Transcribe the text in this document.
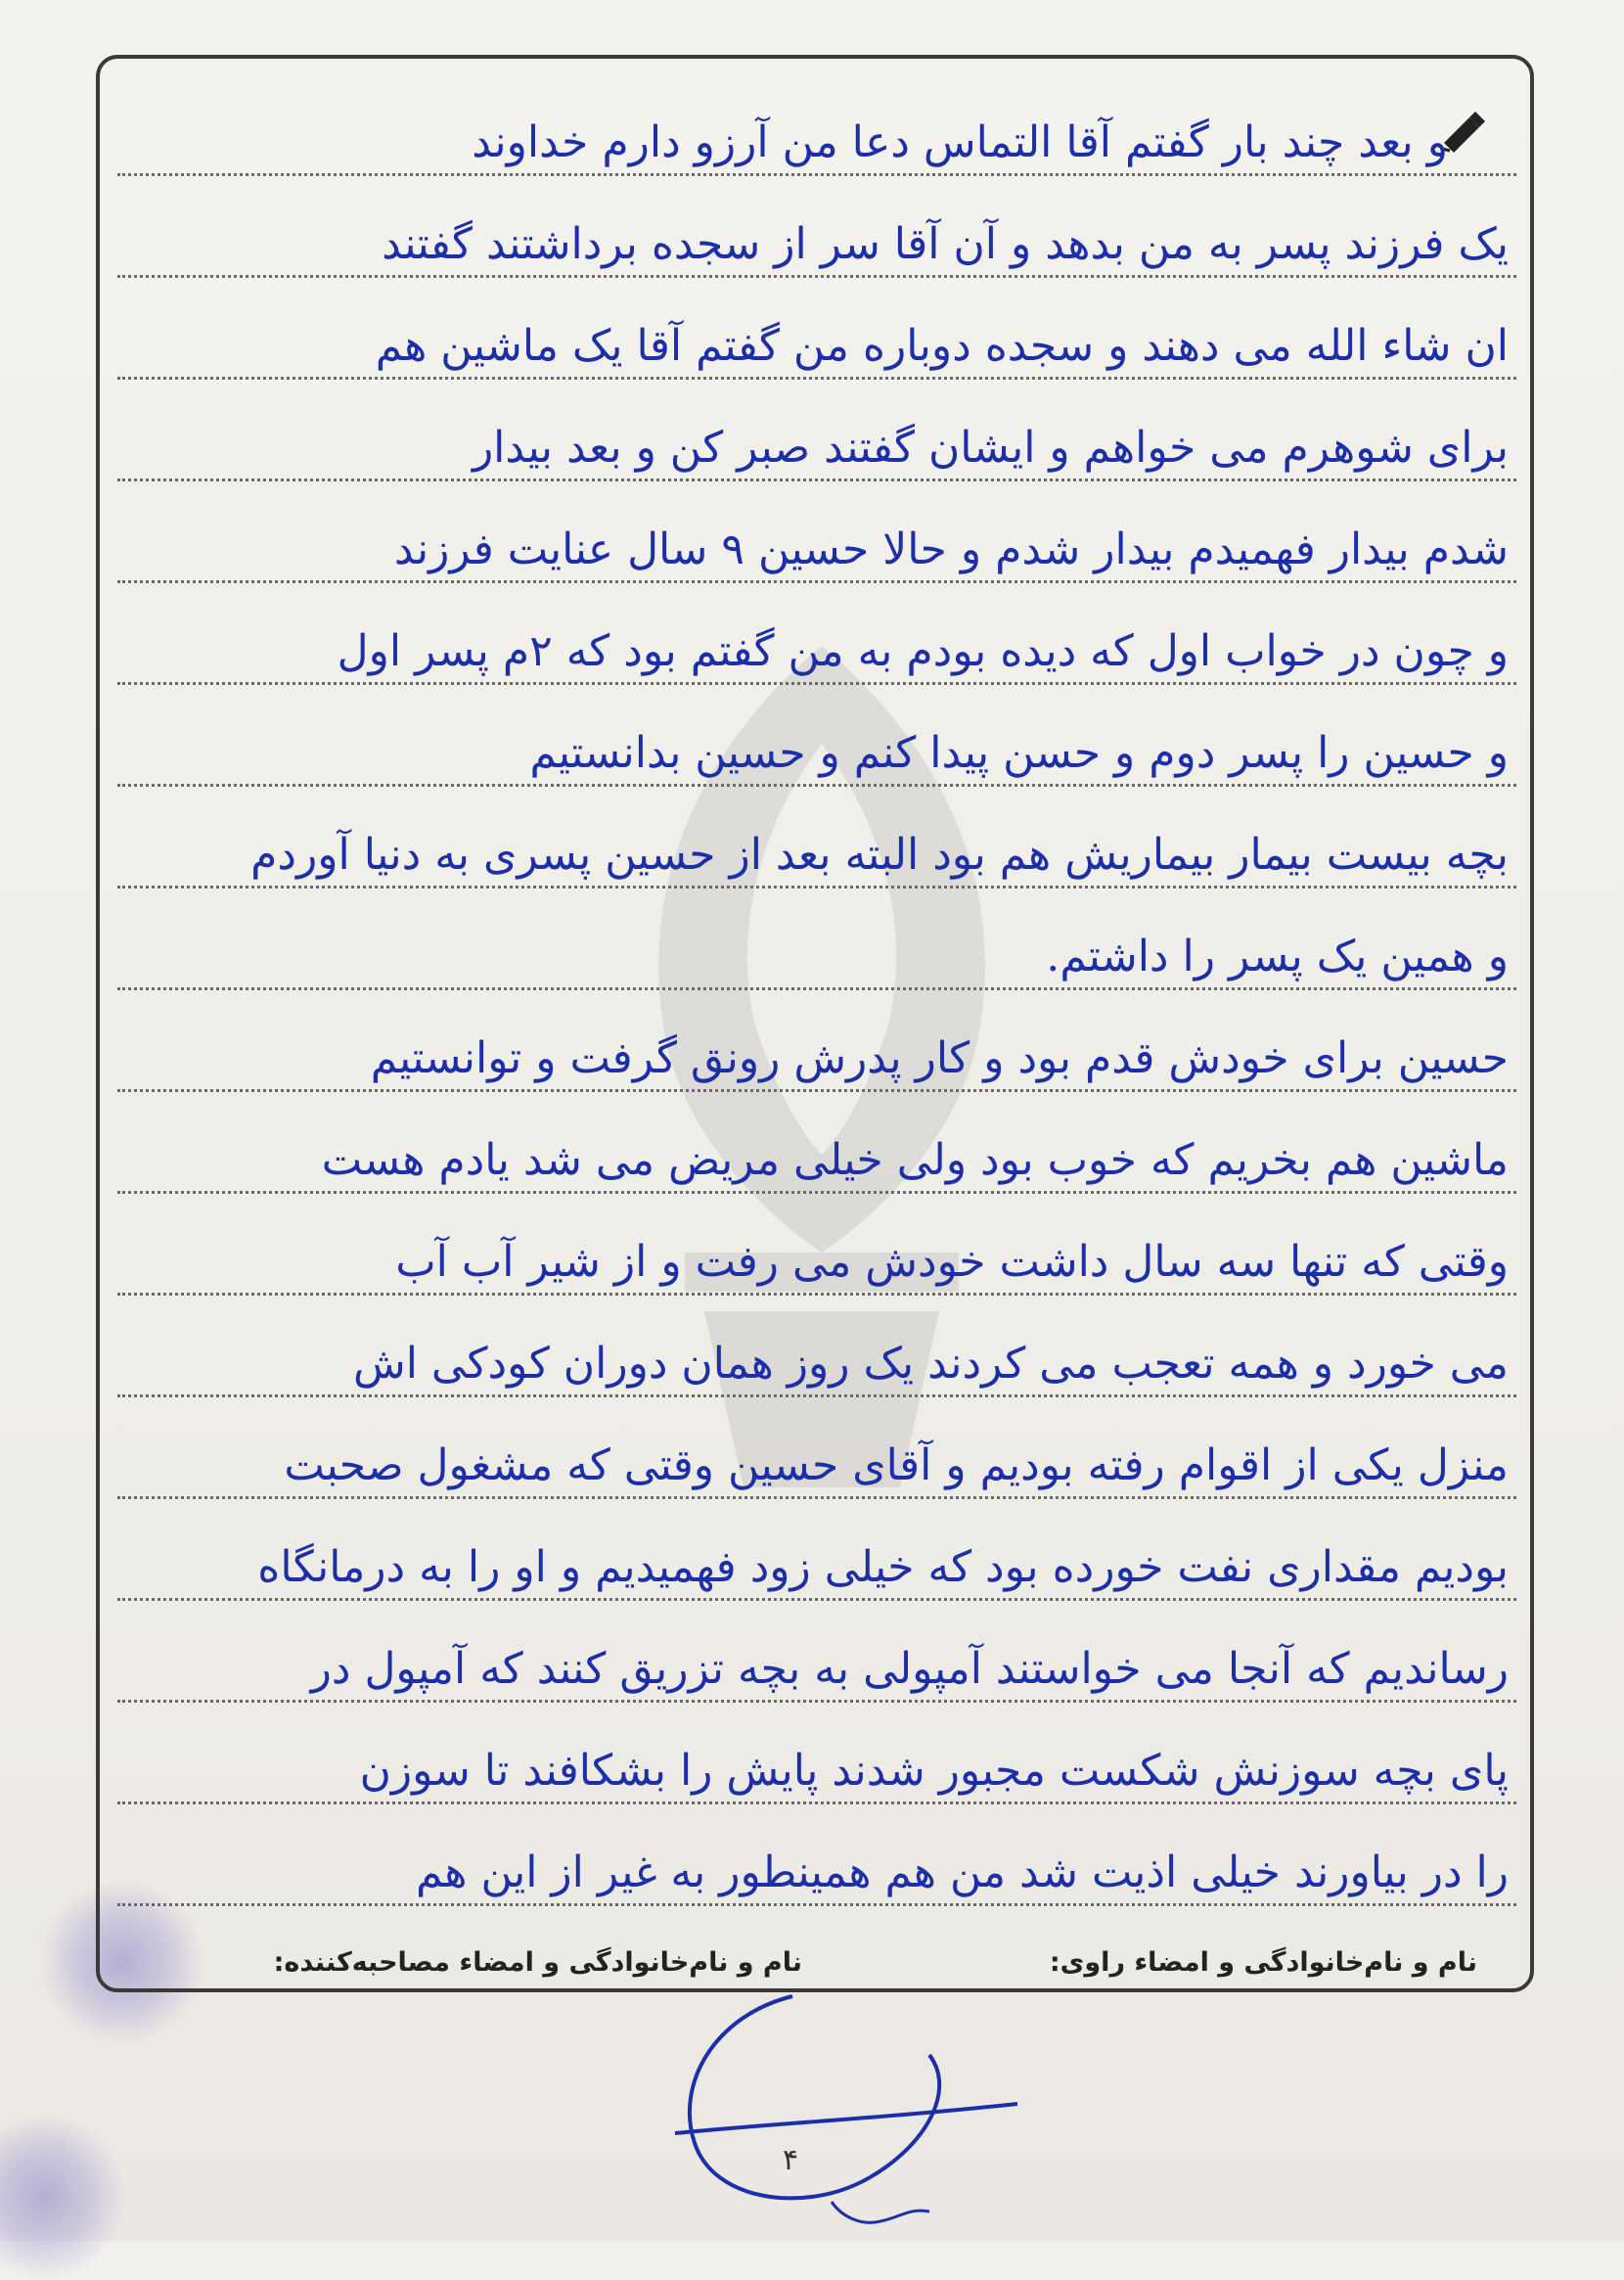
و بعد چند بار گفتم آقا التماس دعا من آرزو دارم خداوند
یک فرزند پسر به من بدهد و آن آقا سر از سجده برداشتند گفتند
ان شاء الله می دهند و سجده دوباره من گفتم آقا یک ماشین هم
برای شوهرم می خواهم و ایشان گفتند صبر کن و بعد بیدار
شدم بیدار فهمیدم بیدار شدم و حالا حسین ۹ سال عنایت فرزند
و چون در خواب اول که دیده بودم به من گفتم بود که ۲م پسر اول
و حسین را پسر دوم و حسن پیدا کنم و حسین بدانستیم
بچه بیست بیمار بیماریش هم بود البته بعد از حسین پسری به دنیا آوردم
و همین یک پسر را داشتم.
حسین برای خودش قدم بود و کار پدرش رونق گرفت و توانستیم
ماشین هم بخریم که خوب بود ولی خیلی مریض می شد یادم هست
وقتی که تنها سه سال داشت خودش می رفت و از شیر آب آب
می خورد و همه تعجب می کردند یک روز همان دوران کودکی اش
منزل یکی از اقوام رفته بودیم و آقای حسین وقتی که مشغول صحبت
بودیم مقداری نفت خورده بود که خیلی زود فهمیدیم و او را به درمانگاه
رساندیم که آنجا می خواستند آمپولی به بچه تزریق کنند که آمپول در
پای بچه سوزنش شکست مجبور شدند پایش را بشکافند تا سوزن
را در بیاورند خیلی اذیت شد من هم همینطور به غیر از این هم
نام و نام‌خانوادگی و امضاء راوی:
نام و نام‌خانوادگی و امضاء مصاحبه‌کننده:
۴
